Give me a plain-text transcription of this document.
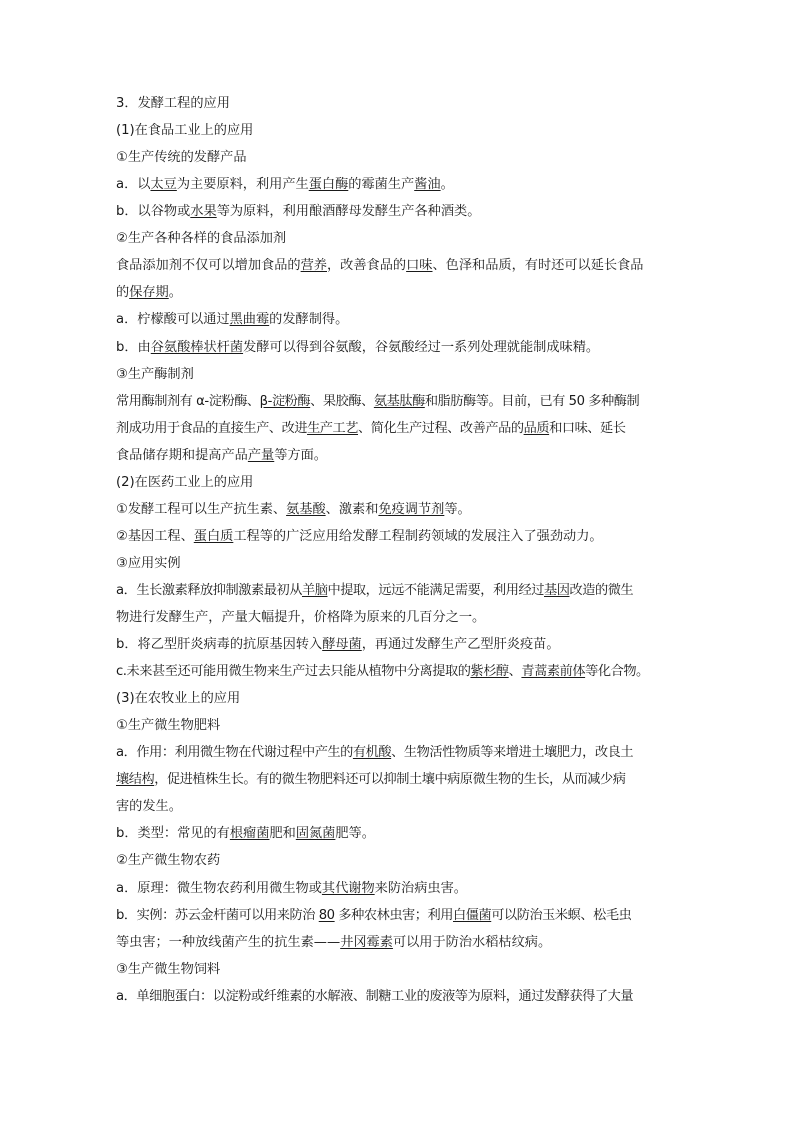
3．发酵工程的应用
(1)在食品工业上的应用
①生产传统的发酵产品
a．以太豆为主要原料，利用产生蛋白酶的霉菌生产酱油。
b．以谷物或水果等为原料，利用酿酒酵母发酵生产各种酒类。
②生产各种各样的食品添加剂
食品添加剂不仅可以增加食品的营养，改善食品的口味、色泽和品质，有时还可以延长食品
的保存期。
a．柠檬酸可以通过黑曲霉的发酵制得。
b．由谷氨酸棒状杆菌发酵可以得到谷氨酸，谷氨酸经过一系列处理就能制成味精。
③生产酶制剂
常用酶制剂有 α-淀粉酶、β-淀粉酶、果胶酶、氨基肽酶和脂肪酶等。目前，已有 50 多种酶制
剂成功用于食品的直接生产、改进生产工艺、简化生产过程、改善产品的品质和口味、延长
食品储存期和提高产品产量等方面。
(2)在医药工业上的应用
①发酵工程可以生产抗生素、氨基酸、激素和免疫调节剂等。
②基因工程、蛋白质工程等的广泛应用给发酵工程制药领域的发展注入了强劲动力。
③应用实例
a．生长激素释放抑制激素最初从羊脑中提取，远远不能满足需要，利用经过基因改造的微生
物进行发酵生产，产量大幅提升，价格降为原来的几百分之一。
b．将乙型肝炎病毒的抗原基因转入酵母菌，再通过发酵生产乙型肝炎疫苗。
c.未来甚至还可能用微生物来生产过去只能从植物中分离提取的紫杉醇、青蒿素前体等化合物。
(3)在农牧业上的应用
①生产微生物肥料
a．作用：利用微生物在代谢过程中产生的有机酸、生物活性物质等来增进土壤肥力，改良土
壤结构，促进植株生长。有的微生物肥料还可以抑制土壤中病原微生物的生长，从而减少病
害的发生。
b．类型：常见的有根瘤菌肥和固氮菌肥等。
②生产微生物农药
a．原理：微生物农药利用微生物或其代谢物来防治病虫害。
b．实例：苏云金杆菌可以用来防治 80 多种农林虫害；利用白僵菌可以防治玉米螟、松毛虫
等虫害；一种放线菌产生的抗生素——井冈霉素可以用于防治水稻枯纹病。
③生产微生物饲料
a．单细胞蛋白：以淀粉或纤维素的水解液、制糖工业的废液等为原料，通过发酵获得了大量
